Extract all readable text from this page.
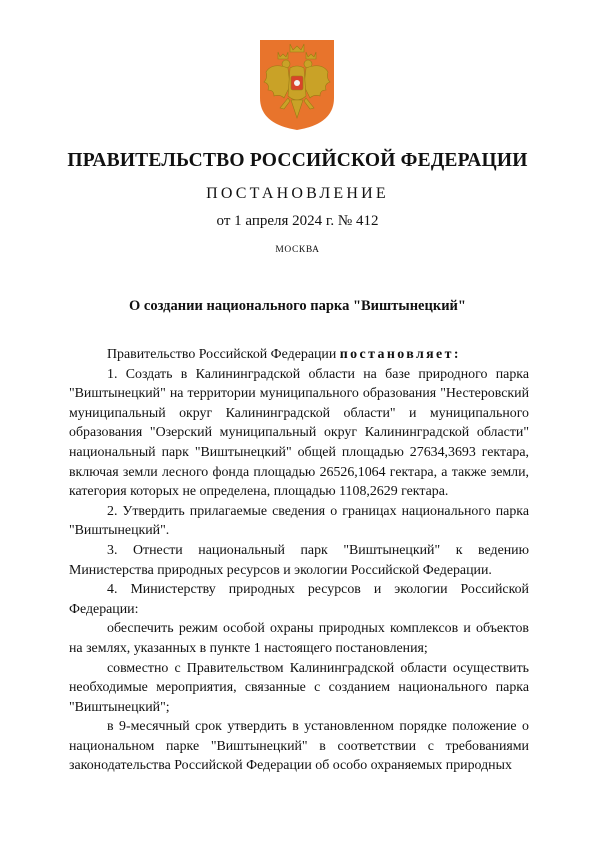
ПРАВИТЕЛЬСТВО РОССИЙСКОЙ ФЕДЕРАЦИИ
ПОСТАНОВЛЕНИЕ
от 1 апреля 2024 г. № 412
МОСКВА
О создании национального парка "Виштынецкий"

Правительство Российской Федерации постановляет:

1. Создать в Калининградской области на базе природного парка "Виштынецкий" на территории муниципального образования "Нестеровский муниципальный округ Калининградской области" и муниципального образования "Озерский муниципальный округ Калининградской области" национальный парк "Виштынецкий" общей площадью 27634,3693 гектара, включая земли лесного фонда площадью 26526,1064 гектара, а также земли, категория которых не определена, площадью 1108,2629 гектара.

2. Утвердить прилагаемые сведения о границах национального парка "Виштынецкий".

3. Отнести национальный парк "Виштынецкий" к ведению Министерства природных ресурсов и экологии Российской Федерации.

4. Министерству природных ресурсов и экологии Российской Федерации:

обеспечить режим особой охраны природных комплексов и объектов на землях, указанных в пункте 1 настоящего постановления;

совместно с Правительством Калининградской области осуществить необходимые мероприятия, связанные с созданием национального парка "Виштынецкий";

в 9-месячный срок утвердить в установленном порядке положение о национальном парке "Виштынецкий" в соответствии с требованиями законодательства Российской Федерации об особо охраняемых природных
